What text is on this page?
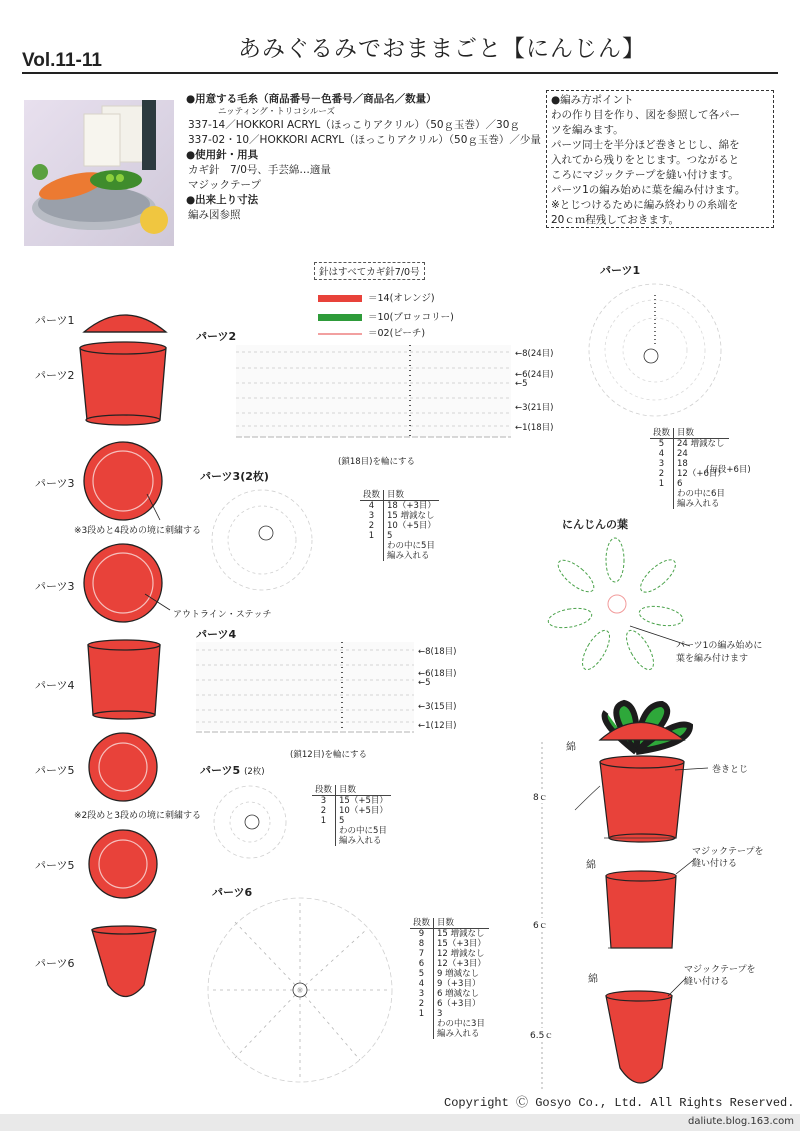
Vol.11-11	あみぐるみでおままごと【にんじん】
●用意する毛糸（商品番号－色番号／商品名／数量）
ニッティング・トリコシルーズ
337-14／HOKKORI ACRYL（ほっこりアクリル）（50ｇ玉巻）／30ｇ
337-02・10／HOKKORI ACRYL（ほっこりアクリル）（50ｇ玉巻）／少量
●使用針・用具
カギ針　7/0号、手芸綿…適量
マジックテープ
●出来上り寸法
編み図参照

●編み方ポイント

わの作り目を作り、図を参照して各パー

ツを編みます。

パーツ同士を半分ほど巻きとじし、綿を

入れてから残りをとじます。つながると

ころにマジックテープを縫い付けます。

パーツ1の編み始めに葉を編み付けます。

※とじつけるために編み終わりの糸端を

20ｃｍ程残しておきます。

針はすべてカギ針7/0号
＝14(オレンジ)
＝10(ブロッコリー)
＝02(ピーチ)
パーツ1
パーツ2
パーツ3
※3段めと4段めの境に刺繍する
パーツ3
アウトライン・ステッチ
パーツ4
パーツ5
※2段めと3段めの境に刺繍する
パーツ5
パーツ6
パーツ2
←8(24目)
←6(24目)
←5
←3(21目)
←1(18目)
(鎖18目)を輪にする
パーツ4
←8(18目)
←6(18目)
←5
←3(15目)
←1(12目)
(鎖12目)を輪にする
パーツ3(2枚)
段数	目数
4	18（+3目）
3	15 増減なし
2	10（+5目）
1	5
	わの中に5目
	編み入れる
パーツ5 (2枚)
段数	目数
3	15（+5目）
2	10（+5目）
1	5
	わの中に5目
	編み入れる
パーツ6
段数	目数
9	15 増減なし
8	15（+3目）
7	12 増減なし
6	12（+3目）
5	9 増減なし
4	9（+3目）
3	6 増減なし
2	6（+3目）
1	3
	わの中に3目
	編み入れる
パーツ1
段数	目数
5	24 増減なし
4	24
3	18
2	12（+6目）
1	6
	わの中に6目
	編み入れる
(毎段+6目)
にんじんの葉
パーツ1の編み始めに
葉を編み付けます
綿
綿
綿
巻きとじ
マジックテープを
縫い付ける
マジックテープを
縫い付ける
8ｃ
6ｃ
6.5ｃ
Copyright Ⓒ Gosyo Co., Ltd. All Rights Reserved.
daliute.blog.163.com
